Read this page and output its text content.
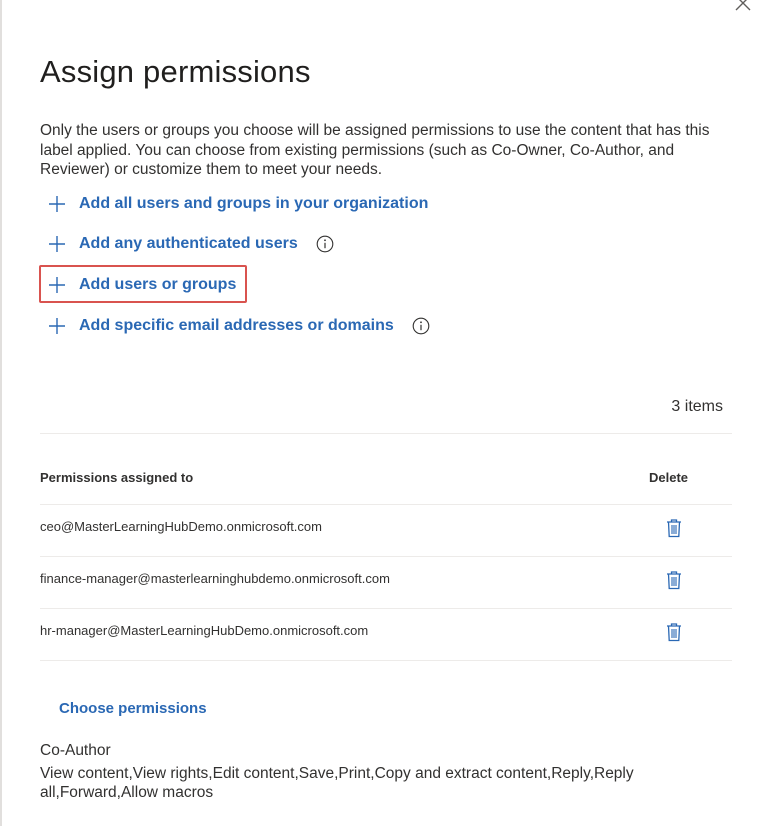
Assign permissions
Only the users or groups you choose will be assigned permissions to use the content that has this label applied. You can choose from existing permissions (such as Co-Owner, Co-Author, and Reviewer) or customize them to meet your needs.
Add all users and groups in your organization
Add any authenticated users
Add users or groups
Add specific email addresses or domains
3 items
Permissions assigned to	Delete
ceo@MasterLearningHubDemo.onmicrosoft.com
finance-manager@masterlearninghubdemo.onmicrosoft.com
hr-manager@MasterLearningHubDemo.onmicrosoft.com
Choose permissions
Co-Author
View content,View rights,Edit content,Save,Print,Copy and extract content,Reply,Reply all,Forward,Allow macros
